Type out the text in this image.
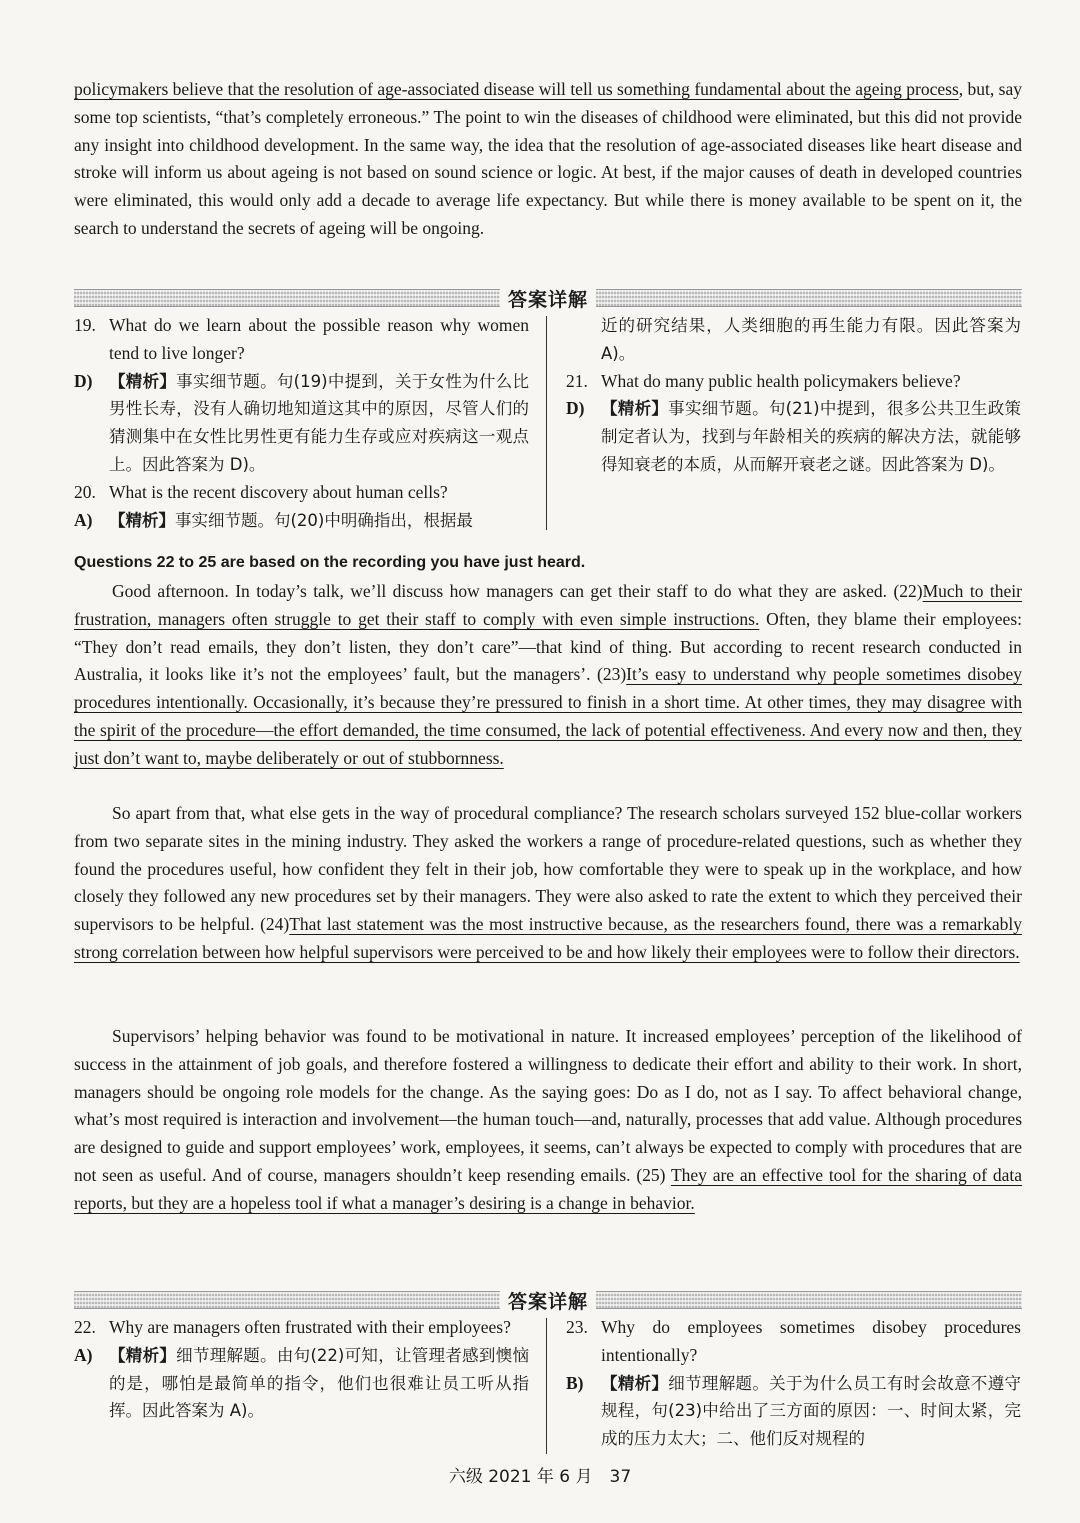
policymakers believe that the resolution of age-associated disease will tell us something fundamental about the ageing process, but, say some top scientists, “that’s completely erroneous.” The point to win the diseases of childhood were eliminated, but this did not provide any insight into childhood development. In the same way, the idea that the resolution of age-associated diseases like heart disease and stroke will inform us about ageing is not based on sound science or logic. At best, if the major causes of death in developed countries were eliminated, this would only add a decade to average life expectancy. But while there is money available to be spent on it, the search to understand the secrets of ageing will be ongoing.

答案详解
19. What do we learn about the possible reason why women tend to live longer?
D) 【精析】事实细节题。句(19)中提到，关于女性为什么比男性长寿，没有人确切地知道这其中的原因，尽管人们的猜测集中在女性比男性更有能力生存或应对疾病这一观点上。因此答案为 D)。
20. What is the recent discovery about human cells?
A) 【精析】事实细节题。句(20)中明确指出，根据最
近的研究结果，人类细胞的再生能力有限。因此答案为 A)。
21. What do many public health policymakers believe?
D) 【精析】事实细节题。句(21)中提到，很多公共卫生政策制定者认为，找到与年龄相关的疾病的解决方法，就能够得知衰老的本质，从而解开衰老之谜。因此答案为 D)。
Questions 22 to 25 are based on the recording you have just heard.

Good afternoon. In today’s talk, we’ll discuss how managers can get their staff to do what they are asked. (22)Much to their frustration, managers often struggle to get their staff to comply with even simple instructions. Often, they blame their employees: “They don’t read emails, they don’t listen, they don’t care”—that kind of thing. But according to recent research conducted in Australia, it looks like it’s not the employees’ fault, but the managers’. (23)It’s easy to understand why people sometimes disobey procedures intentionally. Occasionally, it’s because they’re pressured to finish in a short time. At other times, they may disagree with the spirit of the procedure—the effort demanded, the time consumed, the lack of potential effectiveness. And every now and then, they just don’t want to, maybe deliberately or out of stubbornness.

So apart from that, what else gets in the way of procedural compliance? The research scholars surveyed 152 blue-collar workers from two separate sites in the mining industry. They asked the workers a range of procedure-related questions, such as whether they found the procedures useful, how confident they felt in their job, how comfortable they were to speak up in the workplace, and how closely they followed any new procedures set by their managers. They were also asked to rate the extent to which they perceived their supervisors to be helpful. (24)That last statement was the most instructive because, as the researchers found, there was a remarkably strong correlation between how helpful supervisors were perceived to be and how likely their employees were to follow their directors.

Supervisors’ helping behavior was found to be motivational in nature. It increased employees’ perception of the likelihood of success in the attainment of job goals, and therefore fostered a willingness to dedicate their effort and ability to their work. In short, managers should be ongoing role models for the change. As the saying goes: Do as I do, not as I say. To affect behavioral change, what’s most required is interaction and involvement—the human touch—and, naturally, processes that add value. Although procedures are designed to guide and support employees’ work, employees, it seems, can’t always be expected to comply with procedures that are not seen as useful. And of course, managers shouldn’t keep resending emails. (25) They are an effective tool for the sharing of data reports, but they are a hopeless tool if what a manager’s desiring is a change in behavior.

答案详解
22. Why are managers often frustrated with their employees?
A) 【精析】细节理解题。由句(22)可知，让管理者感到懊恼的是，哪怕是最简单的指令，他们也很难让员工听从指挥。因此答案为 A)。
23. Why do employees sometimes disobey procedures intentionally?
B) 【精析】细节理解题。关于为什么员工有时会故意不遵守规程，句(23)中给出了三方面的原因：一、时间太紧，完成的压力太大；二、他们反对规程的
六级 2021 年 6 月　37
